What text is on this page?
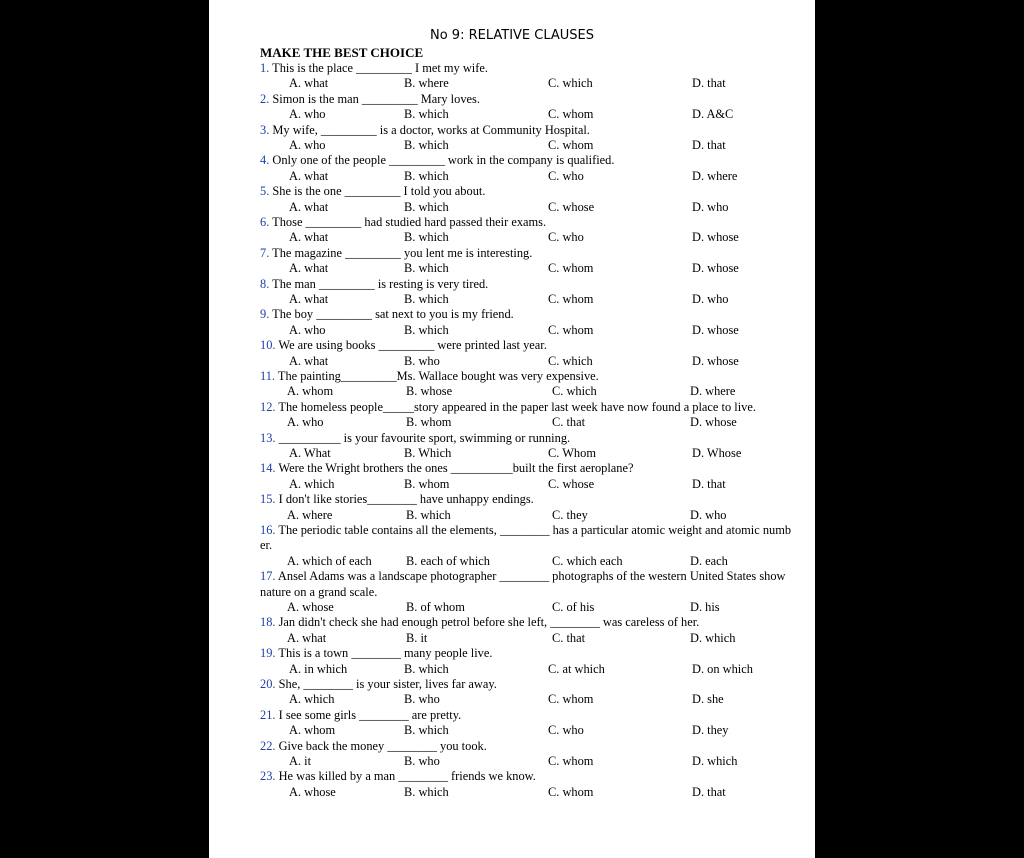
No 9: RELATIVE CLAUSES
MAKE THE BEST CHOICE
1. This is the place _________ I met my wife.
A. what	B. where	C. which	D. that
2. Simon is the man _________ Mary loves.
A. who	B. which	C. whom	D. A&C
3. My wife, _________ is a doctor, works at Community Hospital.
A. who	B. which	C. whom	D. that
4. Only one of the people _________ work in the company is qualified.
A. what	B. which	C. who	D. where
5. She is the one _________ I told you about.
A. what	B. which	C. whose	D. who
6. Those _________ had studied hard passed their exams.
A. what	B. which	C. who	D. whose
7. The magazine _________ you lent me is interesting.
A. what	B. which	C. whom	D. whose
8. The man _________ is resting is very tired.
A. what	B. which	C. whom	D. who
9. The boy _________ sat next to you is my friend.
A. who	B. which	C. whom	D. whose
10. We are using books _________ were printed last year.
A. what	B. who	C. which	D. whose
11. The painting_________Ms. Wallace bought was very expensive.
A. whom	B. whose	C. which	D. where
12. The homeless people_____story appeared in the paper last week have now found a place to live.
A. who	B. whom	C. that	D. whose
13. __________ is your favourite sport, swimming or running.
A. What	B. Which	C. Whom	D. Whose
14. Were the Wright brothers the ones __________built the first aeroplane?
A. which	B. whom	C. whose	D. that
15. I don't like stories________ have unhappy endings.
A. where	B. which	C. they	D. who
16. The periodic table contains all the elements, ________ has a particular atomic weight and atomic numb er.
A. which of each	B. each of which	C. which each	D. each
17. Ansel Adams was a landscape photographer ________ photographs of the western United States show nature on a grand scale.
A. whose	B. of whom	C. of his	D. his
18. Jan didn't check she had enough petrol before she left, ________ was careless of her.
A. what	B. it	C. that	D. which
19. This is a town ________ many people live.
A. in which	B. which	C. at which	D. on which
20. She, ________ is your sister, lives far away.
A. which	B. who	C. whom	D. she
21. I see some girls ________ are pretty.
A. whom	B. which	C. who	D. they
22. Give back the money ________ you took.
A. it	B. who	C. whom	D. which
23. He was killed by a man ________ friends we know.
A. whose	B. which	C. whom	D. that
